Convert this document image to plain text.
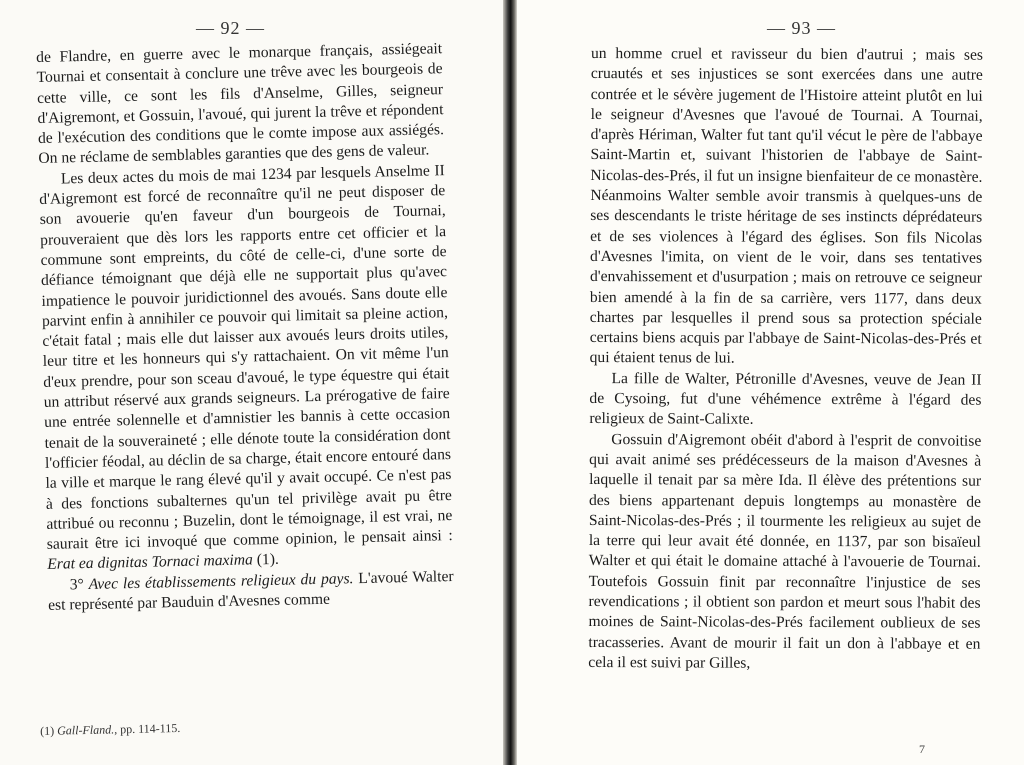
— 92 —

de Flandre, en guerre avec le monarque français, assiégeait Tournai et consentait à conclure une trêve avec les bourgeois de cette ville, ce sont les fils d'Anselme, Gilles, seigneur d'Aigremont, et Gossuin, l'avoué, qui jurent la trêve et répondent de l'exécution des conditions que le comte impose aux assiégés. On ne réclame de semblables garanties que des gens de valeur.

Les deux actes du mois de mai 1234 par lesquels Anselme II d'Aigremont est forcé de reconnaître qu'il ne peut disposer de son avouerie qu'en faveur d'un bourgeois de Tournai, prouveraient que dès lors les rapports entre cet officier et la commune sont empreints, du côté de celle-ci, d'une sorte de défiance témoignant que déjà elle ne supportait plus qu'avec impatience le pouvoir juridictionnel des avoués. Sans doute elle parvint enfin à annihiler ce pouvoir qui limitait sa pleine action, c'était fatal ; mais elle dut laisser aux avoués leurs droits utiles, leur titre et les honneurs qui s'y rattachaient. On vit même l'un d'eux prendre, pour son sceau d'avoué, le type équestre qui était un attribut réservé aux grands seigneurs. La prérogative de faire une entrée solennelle et d'amnistier les bannis à cette occasion tenait de la souveraineté ; elle dénote toute la considération dont l'officier féodal, au déclin de sa charge, était encore entouré dans la ville et marque le rang élevé qu'il y avait occupé. Ce n'est pas à des fonctions subalternes qu'un tel privilège avait pu être attribué ou reconnu ; Buzelin, dont le témoignage, il est vrai, ne saurait être ici invoqué que comme opinion, le pensait ainsi : Erat ea dignitas Tornaci maxima (1).

3° Avec les établissements religieux du pays. L'avoué Walter est représenté par Bauduin d'Avesnes comme

(1) Gall-Fland., pp. 114-115.
— 93 —

un homme cruel et ravisseur du bien d'autrui ; mais ses cruautés et ses injustices se sont exercées dans une autre contrée et le sévère jugement de l'Histoire atteint plutôt en lui le seigneur d'Avesnes que l'avoué de Tournai. A Tournai, d'après Hériman, Walter fut tant qu'il vécut le père de l'abbaye Saint-Martin et, suivant l'historien de l'abbaye de Saint-Nicolas-des-Prés, il fut un insigne bienfaiteur de ce monastère. Néanmoins Walter semble avoir transmis à quelques-uns de ses descendants le triste héritage de ses instincts déprédateurs et de ses violences à l'égard des églises. Son fils Nicolas d'Avesnes l'imita, on vient de le voir, dans ses tentatives d'envahissement et d'usurpation ; mais on retrouve ce seigneur bien amendé à la fin de sa carrière, vers 1177, dans deux chartes par lesquelles il prend sous sa protection spéciale certains biens acquis par l'abbaye de Saint-Nicolas-des-Prés et qui étaient tenus de lui.

La fille de Walter, Pétronille d'Avesnes, veuve de Jean II de Cysoing, fut d'une véhémence extrême à l'égard des religieux de Saint-Calixte.

Gossuin d'Aigremont obéit d'abord à l'esprit de convoitise qui avait animé ses prédécesseurs de la maison d'Avesnes à laquelle il tenait par sa mère Ida. Il élève des prétentions sur des biens appartenant depuis longtemps au monastère de Saint-Nicolas-des-Prés ; il tourmente les religieux au sujet de la terre qui leur avait été donnée, en 1137, par son bisaïeul Walter et qui était le domaine attaché à l'avouerie de Tournai. Toutefois Gossuin finit par reconnaître l'injustice de ses revendications ; il obtient son pardon et meurt sous l'habit des moines de Saint-Nicolas-des-Prés facilement oublieux de ses tracasseries. Avant de mourir il fait un don à l'abbaye et en cela il est suivi par Gilles,

7
